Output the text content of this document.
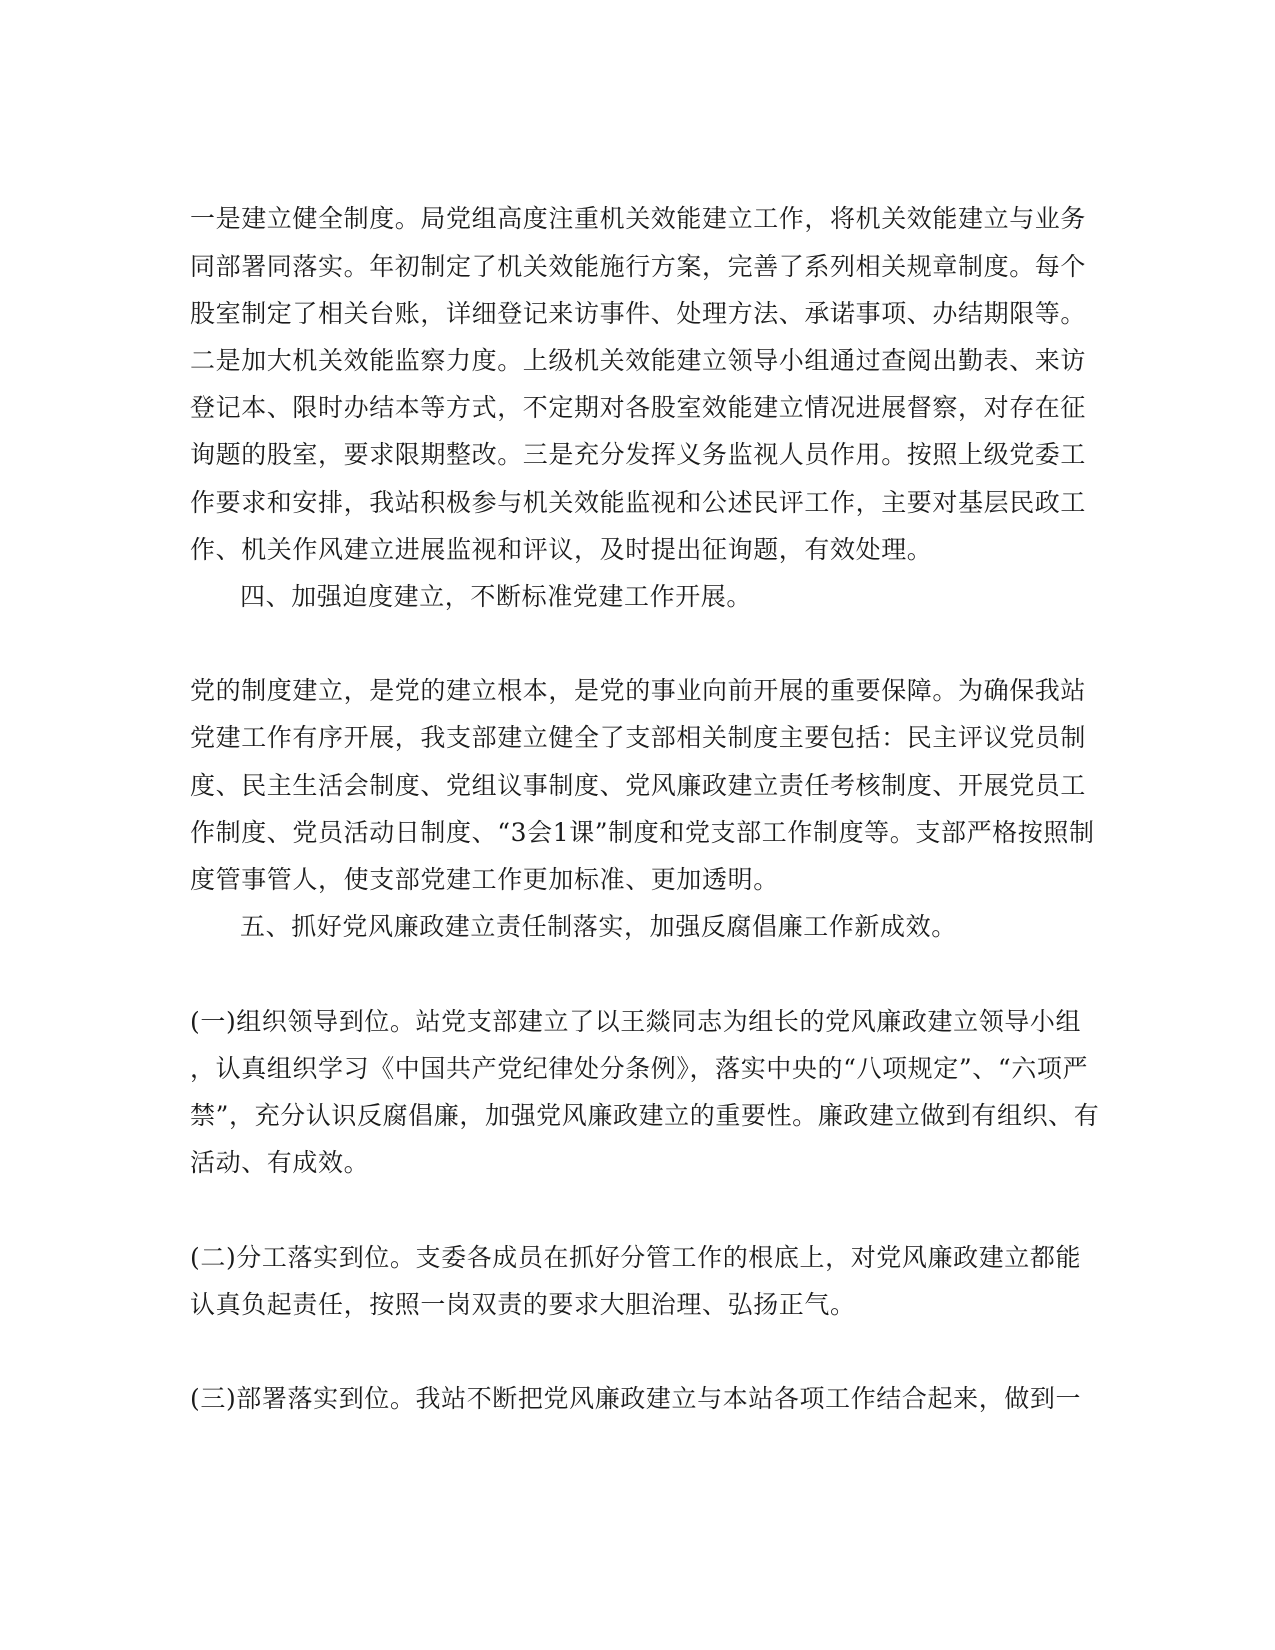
一是建立健全制度。局党组高度注重机关效能建立工作，将机关效能建立与业务
同部署同落实。年初制定了机关效能施行方案，完善了系列相关规章制度。每个
股室制定了相关台账，详细登记来访事件、处理方法、承诺事项、办结期限等。
二是加大机关效能监察力度。上级机关效能建立领导小组通过查阅出勤表、来访
登记本、限时办结本等方式，不定期对各股室效能建立情况进展督察，对存在征
询题的股室，要求限期整改。三是充分发挥义务监视人员作用。按照上级党委工
作要求和安排，我站积极参与机关效能监视和公述民评工作，主要对基层民政工
作、机关作风建立进展监视和评议，及时提出征询题，有效处理。
四、加强迫度建立，不断标准党建工作开展。
党的制度建立，是党的建立根本，是党的事业向前开展的重要保障。为确保我站
党建工作有序开展，我支部建立健全了支部相关制度主要包括：民主评议党员制
度、民主生活会制度、党组议事制度、党风廉政建立责任考核制度、开展党员工
作制度、党员活动日制度、“3会1课”制度和党支部工作制度等。支部严格按照制
度管事管人，使支部党建工作更加标准、更加透明。
五、抓好党风廉政建立责任制落实，加强反腐倡廉工作新成效。
(一)组织领导到位。站党支部建立了以王燚同志为组长的党风廉政建立领导小组
，认真组织学习《中国共产党纪律处分条例》，落实中央的“八项规定”、“六项严
禁”，充分认识反腐倡廉，加强党风廉政建立的重要性。廉政建立做到有组织、有
活动、有成效。
(二)分工落实到位。支委各成员在抓好分管工作的根底上，对党风廉政建立都能
认真负起责任，按照一岗双责的要求大胆治理、弘扬正气。
(三)部署落实到位。我站不断把党风廉政建立与本站各项工作结合起来，做到一
